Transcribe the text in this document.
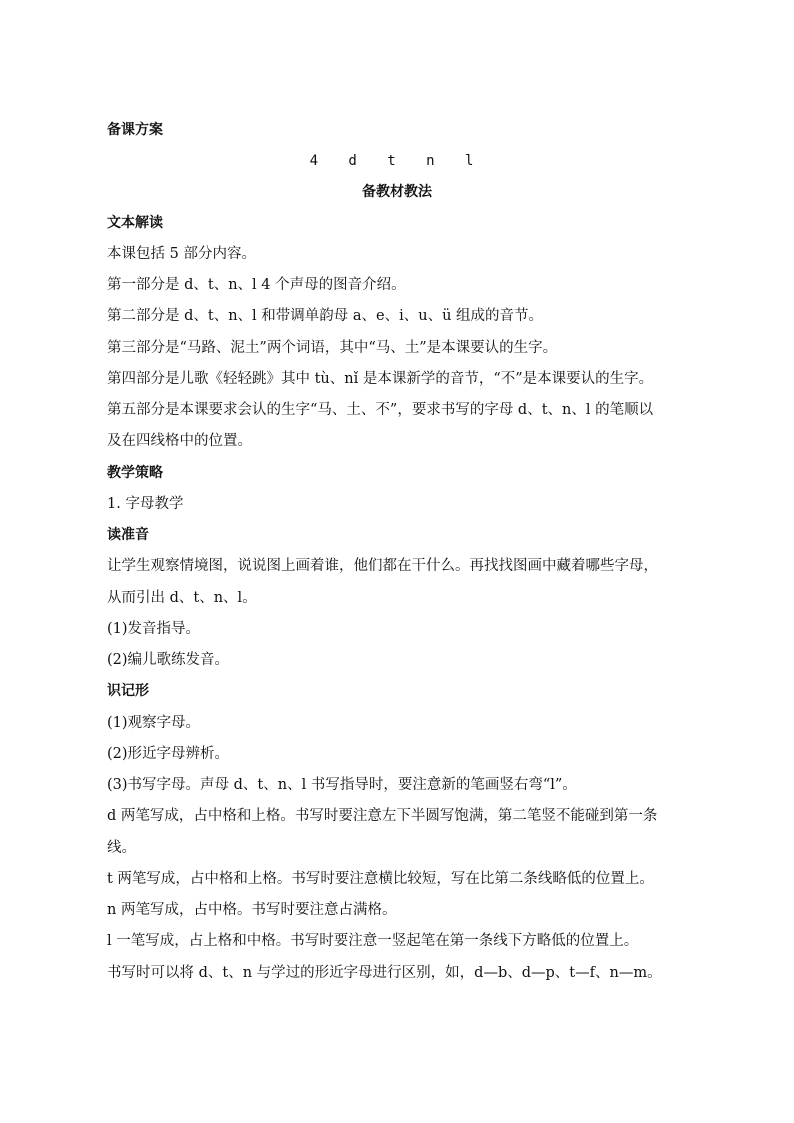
备课方案
4 d t n l
备教材教法
文本解读
本课包括 5 部分内容。
第一部分是 d、t、n、l 4 个声母的图音介绍。
第二部分是 d、t、n、l 和带调单韵母 a、e、i、u、ü 组成的音节。
第三部分是“马路、泥土”两个词语，其中“马、土”是本课要认的生字。
第四部分是儿歌《轻轻跳》其中 tù、nǐ 是本课新学的音节，“不”是本课要认的生字。
第五部分是本课要求会认的生字“马、土、不”，要求书写的字母 d、t、n、l 的笔顺以
及在四线格中的位置。
教学策略
1. 字母教学
读准音
让学生观察情境图，说说图上画着谁，他们都在干什么。再找找图画中藏着哪些字母，
从而引出 d、t、n、l。
(1)发音指导。
(2)编儿歌练发音。
识记形
(1)观察字母。
(2)形近字母辨析。
(3)书写字母。声母 d、t、n、l 书写指导时，要注意新的笔画竖右弯“l”。
d 两笔写成，占中格和上格。书写时要注意左下半圆写饱满，第二笔竖不能碰到第一条
线。
t 两笔写成，占中格和上格。书写时要注意横比较短，写在比第二条线略低的位置上。
n 两笔写成，占中格。书写时要注意占满格。
l 一笔写成，占上格和中格。书写时要注意一竖起笔在第一条线下方略低的位置上。
书写时可以将 d、t、n 与学过的形近字母进行区别，如，d—b、d—p、t—f、n—m。
